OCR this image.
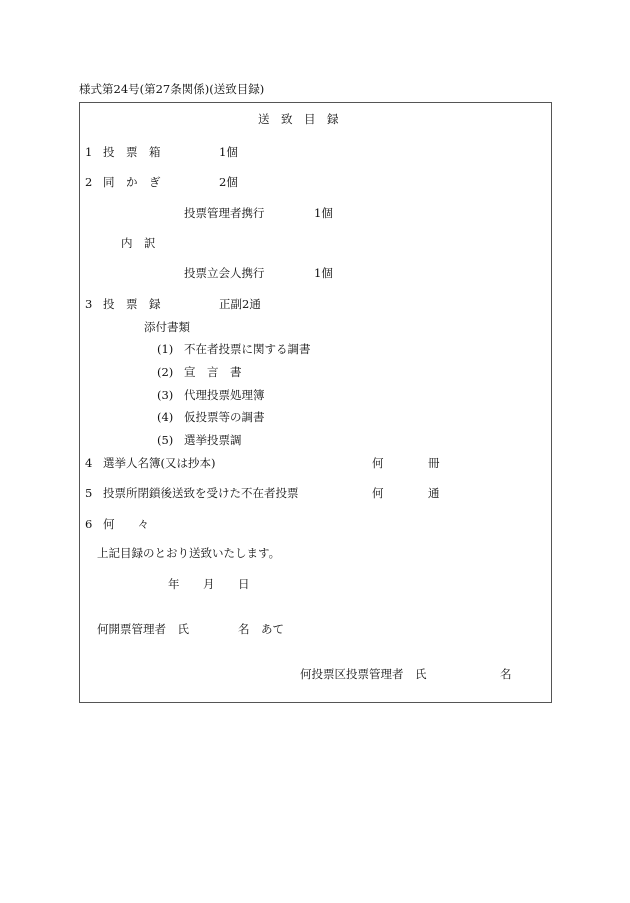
様式第24号(第27条関係)(送致目録)
送　致　目　録
1 投　票　箱	1個
2 同　か　ぎ	2個
投票管理者携行	1個
内　訳
投票立会人携行	1個
3 投　票　録	正副2通
添付書類
(1) 不在者投票に関する調書
(2) 宣　言　書
(3) 代理投票処理簿
(4) 仮投票等の調書
(5) 選挙投票調
4 選挙人名簿(又は抄本)	何	冊
5 投票所閉鎖後送致を受けた不在者投票	何	通
6 何　　々
上記目録のとおり送致いたします。
年 月 日
何開票管理者　氏	名　あて
何投票区投票管理者　氏	名
